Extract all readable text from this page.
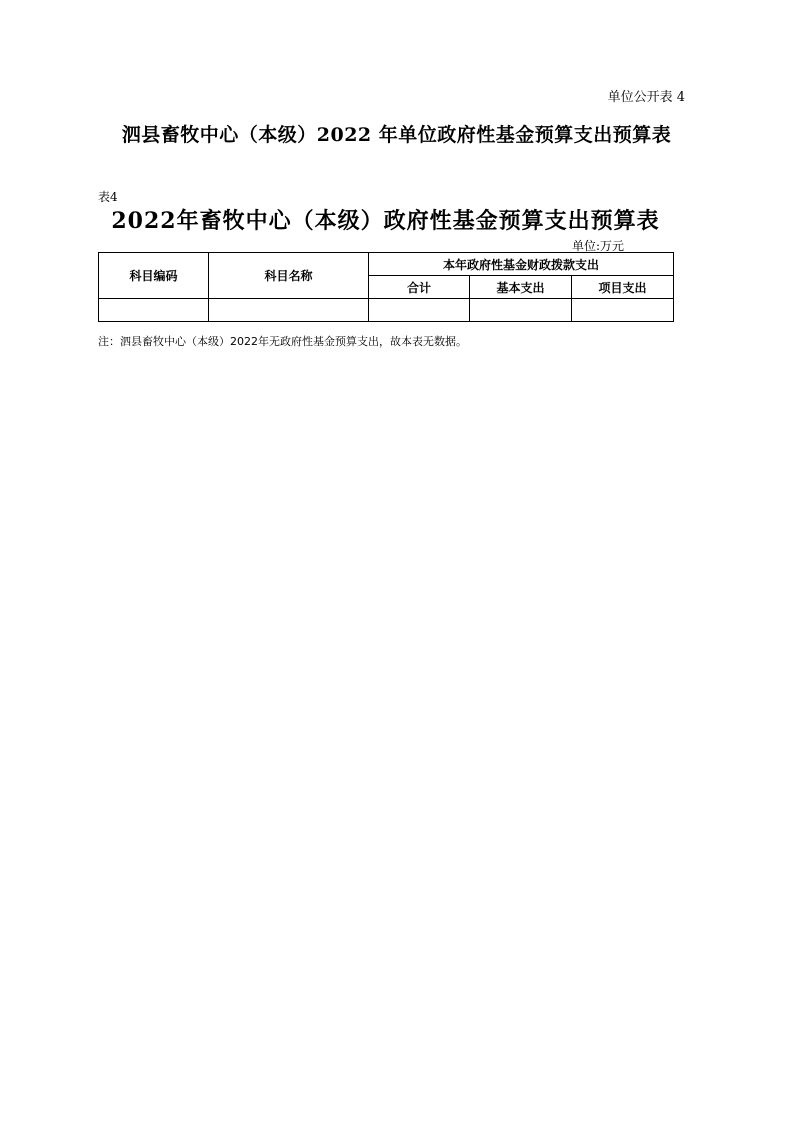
单位公开表 4
泗县畜牧中心（本级）2022 年单位政府性基金预算支出预算表
表4
2022年畜牧中心（本级）政府性基金预算支出预算表
单位:万元
科目编码	科目名称	本年政府性基金财政拨款支出		
		合计	基本支出	项目支出

注：泗县畜牧中心（本级）2022年无政府性基金预算支出，故本表无数据。
